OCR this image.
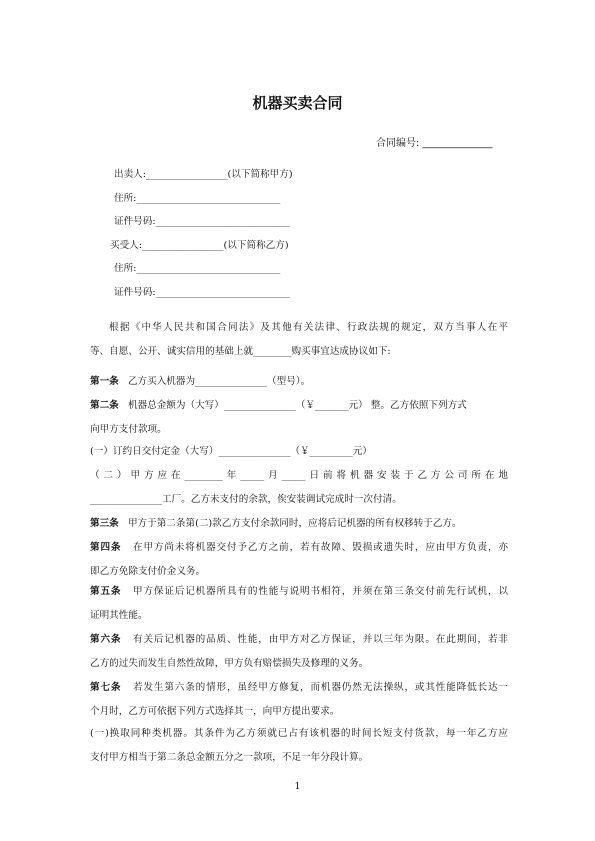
机器买卖合同
合同编号: ______________
出卖人:_________________(以下简称甲方)
住所:______________________________
证件号码:____________________________
买受人:_________________(以下简称乙方)
住所:______________________________
证件号码:____________________________
根据《中华人民共和国合同法》及其他有关法律、行政法规的规定，双方当事人在平
等、自愿、公开、诚实信用的基础上就________购买事宜达成协议如下:
第一条 乙方买入机器为_______________（型号）。
第二条 机器总金额为（大写）_______________（￥_______元） 整。乙方依照下列方式
向甲方支付款项。
(一）订约日交付定金（大写）_______________（￥_________元）
（二）甲方应在________年_____月_____日前将机器安装于乙方公司所在地
_______________工厂。乙方未支付的余款，俟安装调试完成时一次付清。
第三条 甲方于第二条第(二)款乙方支付余款同时，应将后记机器的所有权移转于乙方。
第四条 在甲方尚未将机器交付予乙方之前，若有故障、毁损或遗失时，应由甲方负责，亦
即乙方免除支付价金义务。
第五条 甲方保证后记机器所具有的性能与说明书相符，并须在第三条交付前先行试机，以
证明其性能。
第六条 有关后记机器的品质、性能，由甲方对乙方保证，并以三年为限。在此期间，若非
乙方的过失而发生自然性故障，甲方负有赔偿损失及修理的义务。
第七条 若发生第六条的情形，虽经甲方修复，而机器仍然无法操纵，或其性能降低长达一
个月时，乙方可依据下列方式选择其一，向甲方提出要求。
(一)换取同种类机器。其条件为乙方须就已占有该机器的时间长短支付货款，每一年乙方应
支付甲方相当于第二条总金额五分之一款项，不足一年分段计算。
1
